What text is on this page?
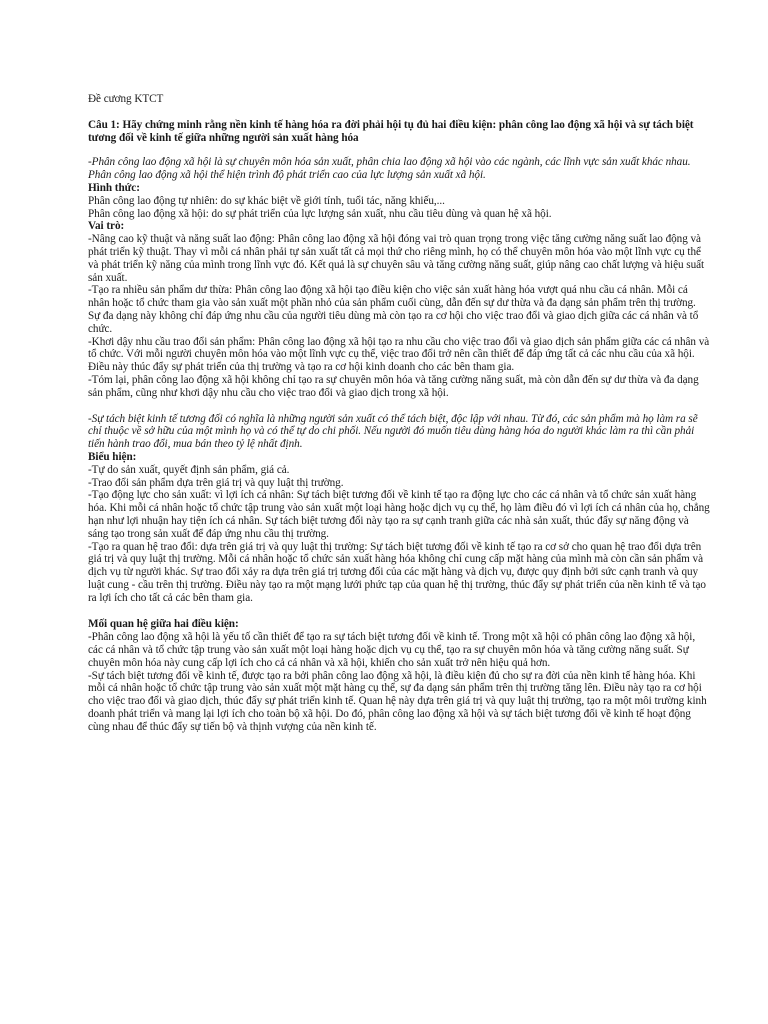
Đề cương KTCT

Câu 1: Hãy chứng minh rằng nền kinh tế hàng hóa ra đời phải hội tụ đủ hai điều kiện: phân công lao động xã hội và sự tách biệt tương đối về kinh tế giữa những người sản xuất hàng hóa

-Phân công lao động xã hội là sự chuyên môn hóa sản xuất, phân chia lao động xã hội vào các ngành, các lĩnh vực sản xuất khác nhau. Phân công lao động xã hội thể hiện trình độ phát triển cao của lực lượng sản xuất xã hội.

Hình thức:

Phân công lao động tự nhiên: do sự khác biệt về giới tính, tuổi tác, năng khiếu,...

Phân công lao động xã hội: do sự phát triển của lực lượng sản xuất, nhu cầu tiêu dùng và quan hệ xã hội.

Vai trò:

-Nâng cao kỹ thuật và năng suất lao động: Phân công lao động xã hội đóng vai trò quan trọng trong việc tăng cường năng suất lao động và phát triển kỹ thuật. Thay vì mỗi cá nhân phải tự sản xuất tất cả mọi thứ cho riêng mình, họ có thể chuyên môn hóa vào một lĩnh vực cụ thể và phát triển kỹ năng của mình trong lĩnh vực đó. Kết quả là sự chuyên sâu và tăng cường năng suất, giúp nâng cao chất lượng và hiệu suất sản xuất.

-Tạo ra nhiều sản phẩm dư thừa: Phân công lao động xã hội tạo điều kiện cho việc sản xuất hàng hóa vượt quá nhu cầu cá nhân. Mỗi cá nhân hoặc tổ chức tham gia vào sản xuất một phần nhỏ của sản phẩm cuối cùng, dẫn đến sự dư thừa và đa dạng sản phẩm trên thị trường. Sự đa dạng này không chỉ đáp ứng nhu cầu của người tiêu dùng mà còn tạo ra cơ hội cho việc trao đổi và giao dịch giữa các cá nhân và tổ chức.

-Khơi dậy nhu cầu trao đổi sản phẩm: Phân công lao động xã hội tạo ra nhu cầu cho việc trao đổi và giao dịch sản phẩm giữa các cá nhân và tổ chức. Với mỗi người chuyên môn hóa vào một lĩnh vực cụ thể, việc trao đổi trở nên cần thiết để đáp ứng tất cả các nhu cầu của xã hội. Điều này thúc đẩy sự phát triển của thị trường và tạo ra cơ hội kinh doanh cho các bên tham gia.

-Tóm lại, phân công lao động xã hội không chỉ tạo ra sự chuyên môn hóa và tăng cường năng suất, mà còn dẫn đến sự dư thừa và đa dạng sản phẩm, cũng như khơi dậy nhu cầu cho việc trao đổi và giao dịch trong xã hội.

-Sự tách biệt kinh tế tương đối có nghĩa là những người sản xuất có thể tách biệt, độc lập với nhau. Từ đó, các sản phẩm mà họ làm ra sẽ chỉ thuộc về sở hữu của một mình họ và có thể tự do chi phối. Nếu người đó muốn tiêu dùng hàng hóa do người khác làm ra thì cần phải tiến hành trao đổi, mua bán theo tỷ lệ nhất định.

Biểu hiện:

-Tự do sản xuất, quyết định sản phẩm, giá cả.

-Trao đổi sản phẩm dựa trên giá trị và quy luật thị trường.

-Tạo động lực cho sản xuất: vì lợi ích cá nhân: Sự tách biệt tương đối về kinh tế tạo ra động lực cho các cá nhân và tổ chức sản xuất hàng hóa. Khi mỗi cá nhân hoặc tổ chức tập trung vào sản xuất một loại hàng hoặc dịch vụ cụ thể, họ làm điều đó vì lợi ích cá nhân của họ, chẳng hạn như lợi nhuận hay tiện ích cá nhân. Sự tách biệt tương đối này tạo ra sự cạnh tranh giữa các nhà sản xuất, thúc đẩy sự năng động và sáng tạo trong sản xuất để đáp ứng nhu cầu thị trường.

-Tạo ra quan hệ trao đổi: dựa trên giá trị và quy luật thị trường: Sự tách biệt tương đối về kinh tế tạo ra cơ sở cho quan hệ trao đổi dựa trên giá trị và quy luật thị trường. Mỗi cá nhân hoặc tổ chức sản xuất hàng hóa không chỉ cung cấp mặt hàng của mình mà còn cần sản phẩm và dịch vụ từ người khác. Sự trao đổi xảy ra dựa trên giá trị tương đối của các mặt hàng và dịch vụ, được quy định bởi sức cạnh tranh và quy luật cung - cầu trên thị trường. Điều này tạo ra một mạng lưới phức tạp của quan hệ thị trường, thúc đẩy sự phát triển của nền kinh tế và tạo ra lợi ích cho tất cả các bên tham gia.

Mối quan hệ giữa hai điều kiện:

-Phân công lao động xã hội là yếu tố cần thiết để tạo ra sự tách biệt tương đối về kinh tế. Trong một xã hội có phân công lao động xã hội, các cá nhân và tổ chức tập trung vào sản xuất một loại hàng hoặc dịch vụ cụ thể, tạo ra sự chuyên môn hóa và tăng cường năng suất. Sự chuyên môn hóa này cung cấp lợi ích cho cả cá nhân và xã hội, khiến cho sản xuất trở nên hiệu quả hơn.

-Sự tách biệt tương đối về kinh tế, được tạo ra bởi phân công lao động xã hội, là điều kiện đủ cho sự ra đời của nền kinh tế hàng hóa. Khi mỗi cá nhân hoặc tổ chức tập trung vào sản xuất một mặt hàng cụ thể, sự đa dạng sản phẩm trên thị trường tăng lên. Điều này tạo ra cơ hội cho việc trao đổi và giao dịch, thúc đẩy sự phát triển kinh tế. Quan hệ này dựa trên giá trị và quy luật thị trường, tạo ra một môi trường kinh doanh phát triển và mang lại lợi ích cho toàn bộ xã hội. Do đó, phân công lao động xã hội và sự tách biệt tương đối về kinh tế hoạt động cùng nhau để thúc đẩy sự tiến bộ và thịnh vượng của nền kinh tế.
